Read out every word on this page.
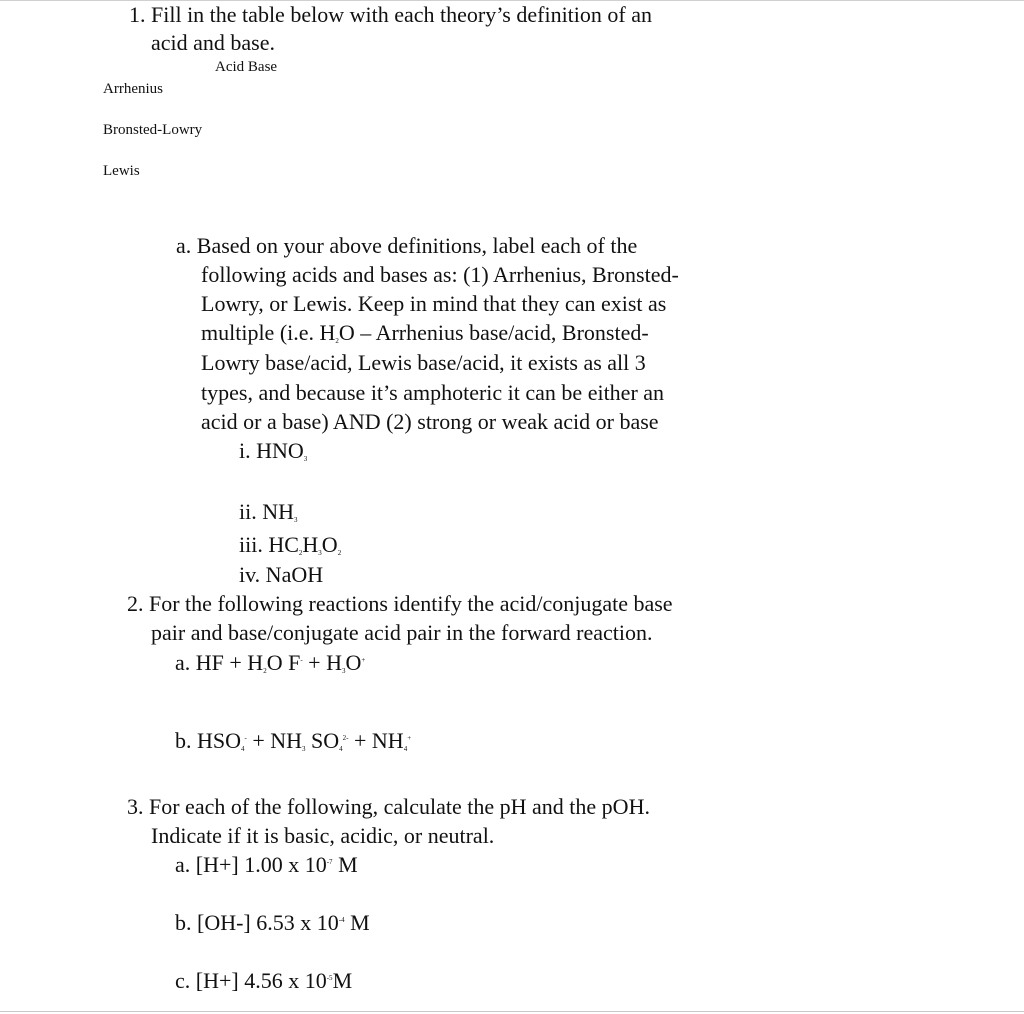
1. Fill in the table below with each theory’s definition of an
acid and base.
Acid Base
Arrhenius
Bronsted-Lowry
Lewis
a. Based on your above definitions, label each of the
following acids and bases as: (1) Arrhenius, Bronsted-
Lowry, or Lewis. Keep in mind that they can exist as
multiple (i.e. $H_2O$ – Arrhenius base/acid, Bronsted-
Lowry base/acid, Lewis base/acid, it exists as all 3
types, and because it’s amphoteric it can be either an
acid or a base) AND (2) strong or weak acid or base
i. $HNO_3$
ii. $NH_3$
iii. $HC_2H_3O_2$
iv. NaOH
2. For the following reactions identify the acid/conjugate base
pair and base/conjugate acid pair in the forward reaction.
a. HF + $H_2O$ $F^- + H_3O^+$
b. $HSO_4^- + NH_3$ $SO_4^{2-} + NH_4^+$
3. For each of the following, calculate the pH and the pOH.
Indicate if it is basic, acidic, or neutral.
a. [H+] 1.00 x $10^{-7}$ M
b. [OH-] 6.53 x $10^{-4}$ M
c. [H+] 4.56 x $10^{-5}M$
